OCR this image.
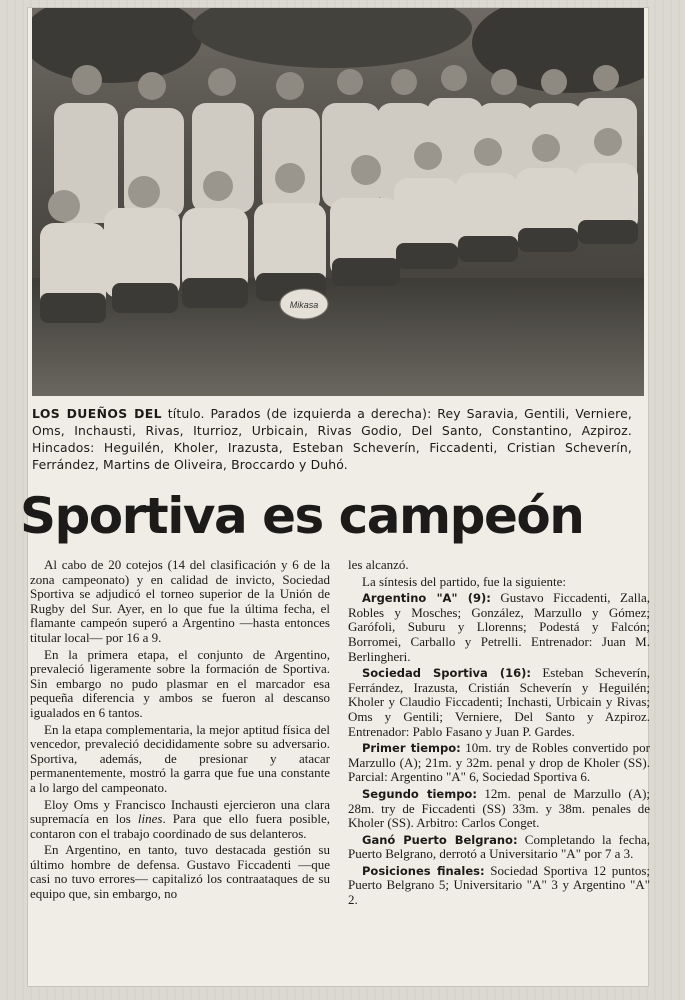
Mikasa
LOS DUEÑOS DEL título. Parados (de izquierda a derecha): Rey Saravia, Gentili, Verniere, Oms, Inchausti, Rivas, Iturrioz, Urbicain, Rivas Godio, Del Santo, Constantino, Azpiroz. Hincados: Heguilén, Kholer, Irazusta, Esteban Scheverín, Ficcadenti, Cristian Scheverín, Ferrández, Martins de Oliveira, Broccardo y Duhó.
Sportiva es campeón

Al cabo de 20 cotejos (14 del clasificación y 6 de la zona campeonato) y en calidad de invicto, Sociedad Sportiva se adjudicó el torneo superior de la Unión de Rugby del Sur. Ayer, en lo que fue la última fecha, el flamante campeón superó a Argentino —hasta entonces titular local— por 16 a 9.

En la primera etapa, el conjunto de Argentino, prevaleció ligeramente sobre la formación de Sportiva. Sin embargo no pudo plasmar en el marcador esa pequeña diferencia y ambos se fueron al descanso igualados en 6 tantos.

En la etapa complementaria, la mejor aptitud física del vencedor, prevaleció decididamente sobre su adversario. Sportiva, además, de presionar y atacar permanentemente, mostró la garra que fue una constante a lo largo del campeonato.

Eloy Oms y Francisco Inchausti ejercieron una clara supremacía en los lines. Para que ello fuera posible, contaron con el trabajo coordinado de sus delanteros.

En Argentino, en tanto, tuvo destacada gestión su último hombre de defensa. Gustavo Ficcadenti —que casi no tuvo errores— capitalizó los contraataques de su equipo que, sin embargo, no

les alcanzó.

La síntesis del partido, fue la siguiente:

Argentino "A" (9): Gustavo Ficcadenti, Zalla, Robles y Mosches; González, Marzullo y Gómez; Garófoli, Suburu y Llorenns; Podestá y Falcón; Borromei, Carballo y Petrelli. Entrenador: Juan M. Berlingheri.

Sociedad Sportiva (16): Esteban Scheverín, Ferrández, Irazusta, Cristián Scheverín y Heguilén; Kholer y Claudio Ficcadenti; Inchasti, Urbicain y Rivas; Oms y Gentili; Verniere, Del Santo y Azpiroz. Entrenador: Pablo Fasano y Juan P. Gardes.

Primer tiempo: 10m. try de Robles convertido por Marzullo (A); 21m. y 32m. penal y drop de Kholer (SS). Parcial: Argentino "A" 6, Sociedad Sportiva 6.

Segundo tiempo: 12m. penal de Marzullo (A); 28m. try de Ficcadenti (SS) 33m. y 38m. penales de Kholer (SS). Arbitro: Carlos Conget.

Ganó Puerto Belgrano: Completando la fecha, Puerto Belgrano, derrotó a Universitario "A" por 7 a 3.

Posiciones finales: Sociedad Sportiva 12 puntos; Puerto Belgrano 5; Universitario "A" 3 y Argentino "A" 2.
